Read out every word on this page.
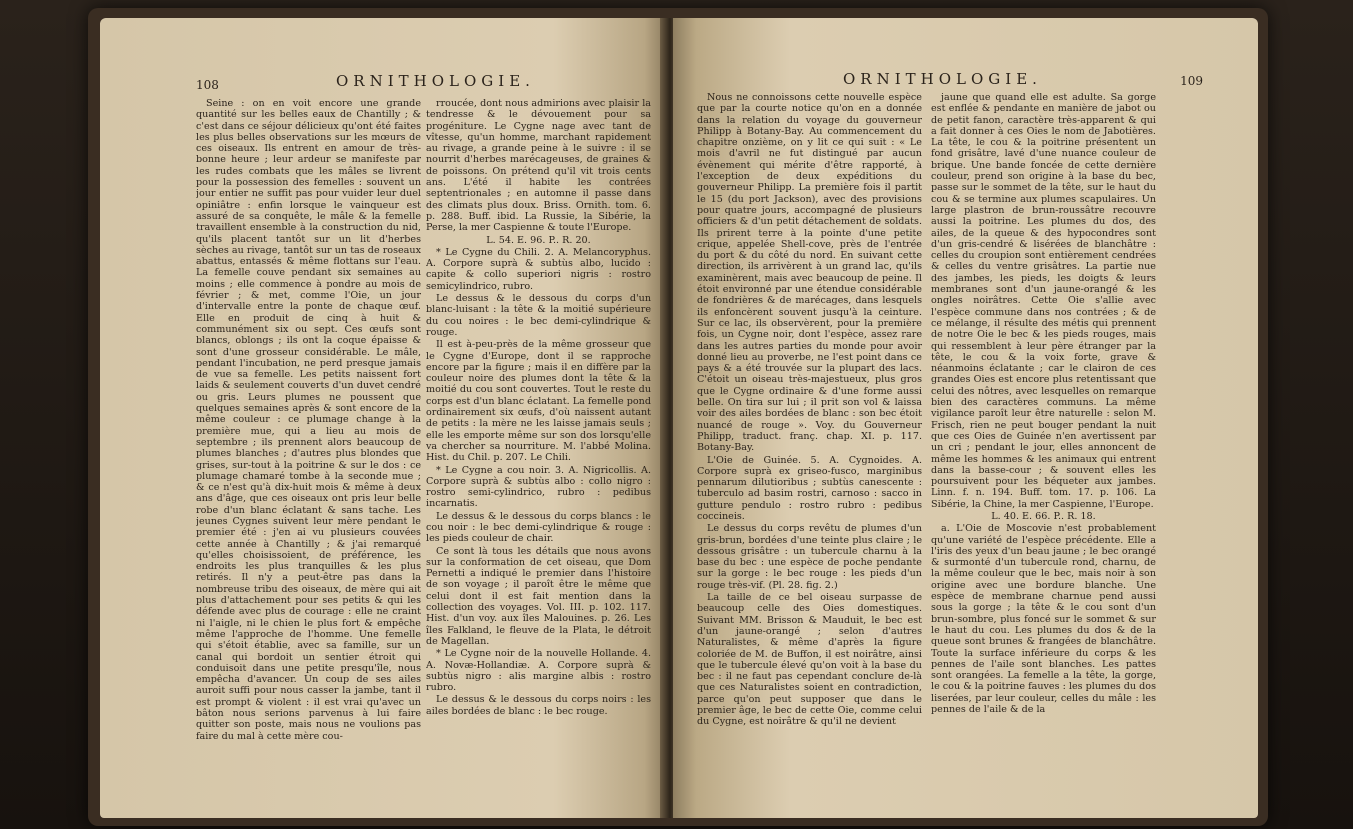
108	ORNITHOLOGIE.

Seine : on en voit encore une grande quantité sur les belles eaux de Chantilly ; & c'est dans ce séjour délicieux qu'ont été faites les plus belles observations sur les mœurs de ces oiseaux. Ils entrent en amour de très-bonne heure ; leur ardeur se manifeste par les rudes combats que les mâles se livrent pour la possession des femelles : souvent un jour entier ne suffit pas pour vuider leur duel opiniâtre : enfin lorsque le vainqueur est assuré de sa conquête, le mâle & la femelle travaillent ensemble à la construction du nid, qu'ils placent tantôt sur un lit d'herbes sèches au rivage, tantôt sur un tas de roseaux abattus, entassés & même flottans sur l'eau. La femelle couve pendant six semaines au moins ; elle commence à pondre au mois de février ; & met, comme l'Oie, un jour d'intervalle entre la ponte de chaque œuf. Elle en produit de cinq à huit & communément six ou sept. Ces œufs sont blancs, oblongs ; ils ont la coque épaisse & sont d'une grosseur considérable. Le mâle, pendant l'incubation, ne perd presque jamais de vue sa femelle. Les petits naissent fort laids & seulement couverts d'un duvet cendré ou gris. Leurs plumes ne poussent que quelques semaines après & sont encore de la même couleur : ce plumage change à la première mue, qui a lieu au mois de septembre ; ils prennent alors beaucoup de plumes blanches ; d'autres plus blondes que grises, sur-tout à la poitrine & sur le dos : ce plumage chamaré tombe à la seconde mue ; & ce n'est qu'à dix-huit mois & même à deux ans d'âge, que ces oiseaux ont pris leur belle robe d'un blanc éclatant & sans tache. Les jeunes Cygnes suivent leur mère pendant le premier été : j'en ai vu plusieurs couvées cette année à Chantilly ; & j'ai remarqué qu'elles choisissoient, de préférence, les endroits les plus tranquilles & les plus retirés. Il n'y a peut-être pas dans la nombreuse tribu des oiseaux, de mère qui ait plus d'attachement pour ses petits & qui les défende avec plus de courage : elle ne craint ni l'aigle, ni le chien le plus fort & empêche même l'approche de l'homme. Une femelle qui s'étoit établie, avec sa famille, sur un canal qui bordoit un sentier étroit qui conduisoit dans une petite presqu'île, nous empêcha d'avancer. Un coup de ses ailes auroit suffi pour nous casser la jambe, tant il est prompt & violent : il est vrai qu'avec un bâton nous serions parvenus à lui faire quitter son poste, mais nous ne voulions pas faire du mal à cette mère cou-

rroucée, dont nous admirions avec plaisir la tendresse & le dévouement pour sa progéniture. Le Cygne nage avec tant de vîtesse, qu'un homme, marchant rapidement au rivage, a grande peine à le suivre : il se nourrit d'herbes marécageuses, de graines & de poissons. On prétend qu'il vit trois cents ans. L'été il habite les contrées septentrionales ; en automne il passe dans des climats plus doux. Briss. Ornith. tom. 6. p. 288. Buff. ibid. La Russie, la Sibérie, la Perse, la mer Caspienne & toute l'Europe.

L. 54. E. 96. P.. R. 20.

* Le Cygne du Chili. 2. A. Melancoryphus. A. Corpore suprà & subtùs albo, lucido : capite & collo superiori nigris : rostro semicylindrico, rubro.

Le dessus & le dessous du corps d'un blanc-luisant : la tête & la moitié supérieure du cou noires : le bec demi-cylindrique & rouge.

Il est à-peu-près de la même grosseur que le Cygne d'Europe, dont il se rapproche encore par la figure ; mais il en diffère par la couleur noire des plumes dont la tête & la moitié du cou sont couvertes. Tout le reste du corps est d'un blanc éclatant. La femelle pond ordinairement six œufs, d'où naissent autant de petits : la mère ne les laisse jamais seuls ; elle les emporte même sur son dos lorsqu'elle va chercher sa nourriture. M. l'abbé Molina. Hist. du Chil. p. 207. Le Chili.

* Le Cygne a cou noir. 3. A. Nigricollis. A. Corpore suprà & subtùs albo : collo nigro : rostro semi-cylindrico, rubro : pedibus incarnatis.

Le dessus & le dessous du corps blancs : le cou noir : le bec demi-cylindrique & rouge : les pieds couleur de chair.

Ce sont là tous les détails que nous avons sur la conformation de cet oiseau, que Dom Pernetti a indiqué le premier dans l'histoire de son voyage ; il paroît être le même que celui dont il est fait mention dans la collection des voyages. Vol. III. p. 102. 117. Hist. d'un voy. aux îles Malouines. p. 26. Les îles Falkland, le fleuve de la Plata, le détroit de Magellan.

* Le Cygne noir de la nouvelle Hollande. 4. A. Novæ-Hollandiæ. A. Corpore suprà & subtùs nigro : alis margine albis : rostro rubro.

Le dessus & le dessous du corps noirs : les ailes bordées de blanc : le bec rouge.

ORNITHOLOGIE.	109

Nous ne connoissons cette nouvelle espèce que par la courte notice qu'on en a donnée dans la relation du voyage du gouverneur Philipp à Botany-Bay. Au commencement du chapitre onzième, on y lit ce qui suit : « Le mois d'avril ne fut distingué par aucun évènement qui mérite d'être rapporté, à l'exception de deux expéditions du gouverneur Philipp. La première fois il partit le 15 (du port Jackson), avec des provisions pour quatre jours, accompagné de plusieurs officiers & d'un petit détachement de soldats. Ils prirent terre à la pointe d'une petite crique, appelée Shell-cove, près de l'entrée du port & du côté du nord. En suivant cette direction, ils arrivèrent à un grand lac, qu'ils examinèrent, mais avec beaucoup de peine. Il étoit environné par une étendue considérable de fondrières & de marécages, dans lesquels ils enfoncèrent souvent jusqu'à la ceinture. Sur ce lac, ils observèrent, pour la première fois, un Cygne noir, dont l'espèce, assez rare dans les autres parties du monde pour avoir donné lieu au proverbe, ne l'est point dans ce pays & a été trouvée sur la plupart des lacs. C'étoit un oiseau très-majestueux, plus gros que le Cygne ordinaire & d'une forme aussi belle. On tira sur lui ; il prit son vol & laissa voir des ailes bordées de blanc : son bec étoit nuancé de rouge ». Voy. du Gouverneur Philipp, traduct. franç. chap. XI. p. 117. Botany-Bay.

L'Oie de Guinée. 5. A. Cygnoides. A. Corpore suprà ex griseo-fusco, marginibus pennarum dilutioribus ; subtùs canescente : tuberculo ad basim rostri, carnoso : sacco in gutture pendulo : rostro rubro : pedibus coccineis.

Le dessus du corps revêtu de plumes d'un gris-brun, bordées d'une teinte plus claire ; le dessous grisâtre : un tubercule charnu à la base du bec : une espèce de poche pendante sur la gorge : le bec rouge : les pieds d'un rouge très-vif. (Pl. 28. fig. 2.)

La taille de ce bel oiseau surpasse de beaucoup celle des Oies domestiques. Suivant MM. Brisson & Mauduit, le bec est d'un jaune-orangé ; selon d'autres Naturalistes, & même d'après la figure coloriée de M. de Buffon, il est noirâtre, ainsi que le tubercule élevé qu'on voit à la base du bec : il ne faut pas cependant conclure de-là que ces Naturalistes soient en contradiction, parce qu'on peut supposer que dans le premier âge, le bec de cette Oie, comme celui du Cygne, est noirâtre & qu'il ne devient

jaune que quand elle est adulte. Sa gorge est enflée & pendante en manière de jabot ou de petit fanon, caractère très-apparent & qui a fait donner à ces Oies le nom de Jabotières. La tête, le cou & la poitrine présentent un fond grisâtre, lavé d'une nuance couleur de brique. Une bande foncée de cette dernière couleur, prend son origine à la base du bec, passe sur le sommet de la tête, sur le haut du cou & se termine aux plumes scapulaires. Un large plastron de brun-roussâtre recouvre aussi la poitrine. Les plumes du dos, des ailes, de la queue & des hypocondres sont d'un gris-cendré & lisérées de blanchâtre : celles du croupion sont entièrement cendrées & celles du ventre grisâtres. La partie nue des jambes, les pieds, les doigts & leurs membranes sont d'un jaune-orangé & les ongles noirâtres. Cette Oie s'allie avec l'espèce commune dans nos contrées ; & de ce mélange, il résulte des métis qui prennent de notre Oie le bec & les pieds rouges, mais qui ressemblent à leur père étranger par la tête, le cou & la voix forte, grave & néanmoins éclatante ; car le clairon de ces grandes Oies est encore plus retentissant que celui des nôtres, avec lesquelles on remarque bien des caractères communs. La même vigilance paroît leur être naturelle : selon M. Frisch, rien ne peut bouger pendant la nuit que ces Oies de Guinée n'en avertissent par un cri ; pendant le jour, elles annoncent de même les hommes & les animaux qui entrent dans la basse-cour ; & souvent elles les poursuivent pour les béqueter aux jambes. Linn. f. n. 194. Buff. tom. 17. p. 106. La Sibérie, la Chine, la mer Caspienne, l'Europe.

L. 40. E. 66. P.. R. 18.

a. L'Oie de Moscovie n'est probablement qu'une variété de l'espèce précédente. Elle a l'iris des yeux d'un beau jaune ; le bec orangé & surmonté d'un tubercule rond, charnu, de la même couleur que le bec, mais noir à son origine avec une bordure blanche. Une espèce de membrane charnue pend aussi sous la gorge ; la tête & le cou sont d'un brun-sombre, plus foncé sur le sommet & sur le haut du cou. Les plumes du dos & de la queue sont brunes & frangées de blanchâtre. Toute la surface inférieure du corps & les pennes de l'aile sont blanches. Les pattes sont orangées. La femelle a la tête, la gorge, le cou & la poitrine fauves : les plumes du dos liserées, par leur couleur, celles du mâle : les pennes de l'aile & de la
